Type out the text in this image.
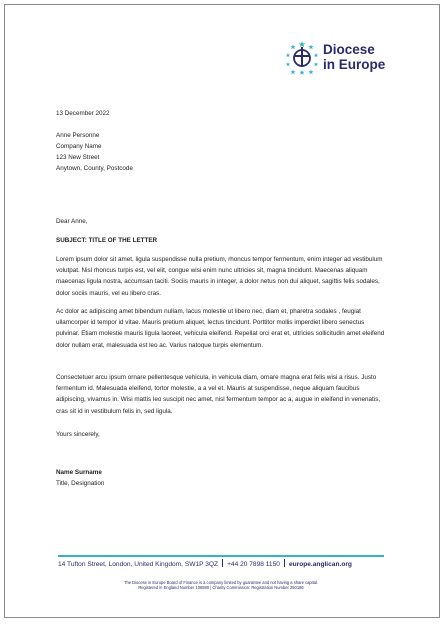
Diocese
in Europe
13 December 2022
Anne Personne
Company Name
123 New Street
Anytown, County, Postcode
Dear Anne,
SUBJECT: TITLE OF THE LETTER
Lorem ipsum dolor sit amet, ligula suspendisse nulla pretium, rhoncus tempor fermentum, enim integer ad vestibulum volutpat. Nisl rhoncus turpis est, vel elit, congue wisi enim nunc ultricies sit, magna tincidunt. Maecenas aliquam maecenas ligula nostra, accumsan taciti. Sociis mauris in integer, a dolor netus non dui aliquet, sagittis felis sodales, dolor sociis mauris, vel eu libero cras.
Ac dolor ac adipiscing amet bibendum nullam, lacus molestie ut libero nec, diam et, pharetra sodales , feugiat ullamcorper id tempor id vitae. Mauris pretium aliquet, lectus tincidunt. Porttitor mollis imperdiet libero senectus pulvinar. Etiam molestie mauris ligula laoreet, vehicula eleifend. Repellat orci erat et, ultricies sollicitudin amet eleifend dolor nullam erat, malesuada est leo ac. Varius natoque turpis elementum.
Consectetuer arcu ipsum ornare pellentesque vehicula, in vehicula diam, ornare magna erat felis wisi a risus. Justo fermentum id. Malesuada eleifend, tortor molestie, a a vel et. Mauris at suspendisse, neque aliquam faucibus adipiscing, vivamus in. Wisi mattis leo suscipit nec amet, nisl fermentum tempor ac a, augue in eleifend in venenatis, cras sit id in vestibulum felis in, sed ligula.
Yours sincerely,
Name Surname
Title, Designation
14 Tufton Street, London, United Kingdom, SW1P 3QZ +44 20 7898 1150 europe.anglican.org
The Diocese in Europe Board of Finance is a company limited by guarantee and not having a share capital.
Registered in England Number 106580 | Charity Commission: Registration Number 250186
